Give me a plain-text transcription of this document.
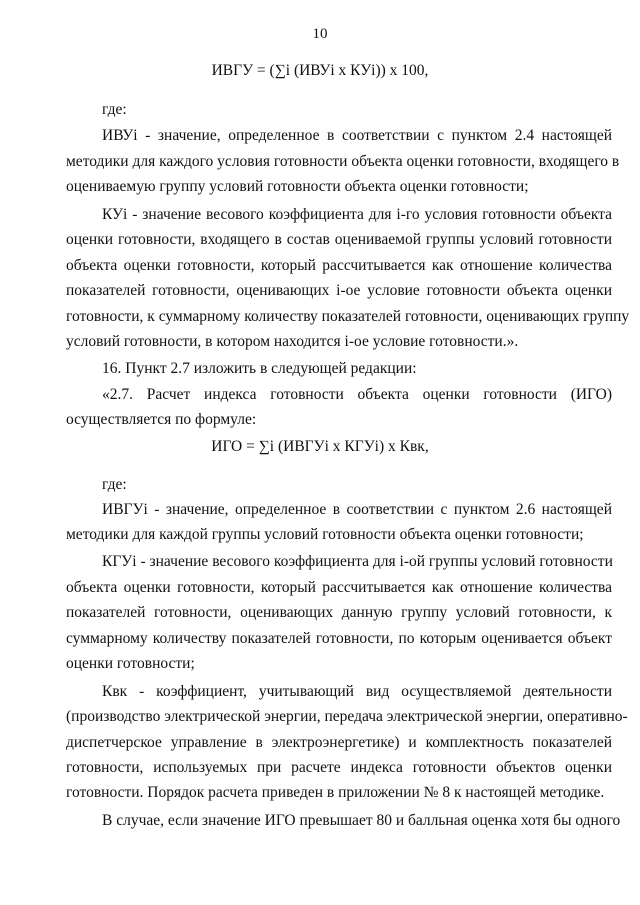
10
ИВГУ = (∑i (ИВУi x КУi)) x 100,
где:
ИВУi - значение, определенное в соответствии с пунктом 2.4 настоящей
методики для каждого условия готовности объекта оценки готовности, входящего в
оцениваемую группу условий готовности объекта оценки готовности;
КУi - значение весового коэффициента для i-го условия готовности объекта
оценки готовности, входящего в состав оцениваемой группы условий готовности
объекта оценки готовности, который рассчитывается как отношение количества
показателей готовности, оценивающих i-ое условие готовности объекта оценки
готовности, к суммарному количеству показателей готовности, оценивающих группу
условий готовности, в котором находится i-ое условие готовности.».
16. Пункт 2.7 изложить в следующей редакции:
«2.7. Расчет индекса готовности объекта оценки готовности (ИГО)
осуществляется по формуле:
ИГО = ∑i (ИВГУi x КГУi) x Квк,
где:
ИВГУi - значение, определенное в соответствии с пунктом 2.6 настоящей
методики для каждой группы условий готовности объекта оценки готовности;
КГУi - значение весового коэффициента для i-ой группы условий готовности
объекта оценки готовности, который рассчитывается как отношение количества
показателей готовности, оценивающих данную группу условий готовности, к
суммарному количеству показателей готовности, по которым оценивается объект
оценки готовности;
Квк - коэффициент, учитывающий вид осуществляемой деятельности
(производство электрической энергии, передача электрической энергии, оперативно-
диспетчерское управление в электроэнергетике) и комплектность показателей
готовности, используемых при расчете индекса готовности объектов оценки
готовности. Порядок расчета приведен в приложении № 8 к настоящей методике.
В случае, если значение ИГО превышает 80 и балльная оценка хотя бы одного
